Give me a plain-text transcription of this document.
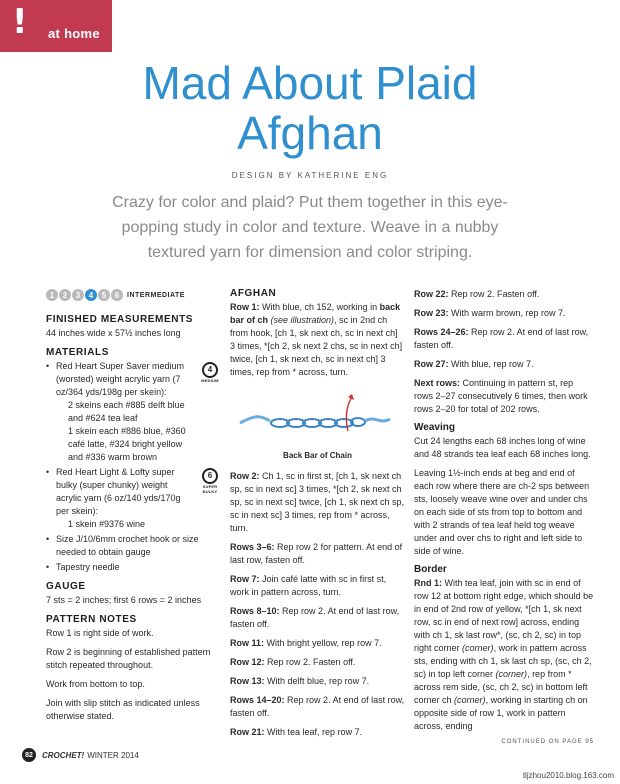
! at home
Mad About Plaid
Afghan
DESIGN BY KATHERINE ENG
Crazy for color and plaid? Put them together in this eye-popping study in color and texture. Weave in a nubby textured yarn for dimension and color striping.
1	2	3	4	5	6	INTERMEDIATE
FINISHED MEASUREMENTS

44 inches wide x 57½ inches long

MATERIALS
• Red Heart Super Saver medium (worsted) weight acrylic yarn (7 oz/364 yds/198g per skein):
4
MEDIUM
2 skeins each #885 delft blue and #624 tea leaf
1 skein each #886 blue, #360 café latte, #324 bright yellow and #336 warm brown
• Red Heart Light & Lofty super bulky (super chunky) weight acrylic yarn (6 oz/140 yds/170g per skein):
6
SUPER BULKY
1 skein #9376 wine
• Size J/10/6mm crochet hook or size needed to obtain gauge
• Tapestry needle
GAUGE

7 sts = 2 inches; first 6 rows = 2 inches

PATTERN NOTES

Row 1 is right side of work.

Row 2 is beginning of established pattern stitch repeated throughout.

Work from bottom to top.

Join with slip stitch as indicated unless otherwise stated.

AFGHAN

Row 1: With blue, ch 152, working in back bar of ch (see illustration), sc in 2nd ch from hook, [ch 1, sk next ch, sc in next ch] 3 times, *[ch 2, sk next 2 chs, sc in next ch] twice, [ch 1, sk next ch, sc in next ch] 3 times, rep from * across, turn.

Back Bar of Chain

Row 2: Ch 1, sc in first st, [ch 1, sk next ch sp, sc in next sc] 3 times, *[ch 2, sk next ch sp, sc in next sc] twice, [ch 1, sk next ch sp, sc in next sc] 3 times, rep from * across, turn.

Rows 3–6: Rep row 2 for pattern. At end of last row, fasten off.

Row 7: Join café latte with sc in first st, work in pattern across, turn.

Rows 8–10: Rep row 2. At end of last row, fasten off.

Row 11: With bright yellow, rep row 7.

Row 12: Rep row 2. Fasten off.

Row 13: With delft blue, rep row 7.

Rows 14–20: Rep row 2. At end of last row, fasten off.

Row 21: With tea leaf, rep row 7.

Row 22: Rep row 2. Fasten off.

Row 23: With warm brown, rep row 7.

Rows 24–26: Rep row 2. At end of last row, fasten off.

Row 27: With blue, rep row 7.

Next rows: Continuing in pattern st, rep rows 2–27 consecutively 6 times, then work rows 2–20 for total of 202 rows.

Weaving

Cut 24 lengths each 68 inches long of wine and 48 strands tea leaf each 68 inches long.

Leaving 1½-inch ends at beg and end of each row where there are ch-2 sps between sts, loosely weave wine over and under chs on each side of sts from top to bottom and with 2 strands of tea leaf held tog weave under and over chs to right and left side to side of wine.

Border

Rnd 1: With tea leaf, join with sc in end of row 12 at bottom right edge, which should be in end of 2nd row of yellow, *[ch 1, sk next row, sc in end of next row] across, ending with ch 1, sk last row*, (sc, ch 2, sc) in top right corner (corner), work in pattern across sts, ending with ch 1, sk last ch sp, (sc, ch 2, sc) in top left corner (corner), rep from * across rem side, (sc, ch 2, sc) in bottom left corner ch (corner), working in starting ch on opposite side of row 1, work in pattern across, ending

CONTINUED ON PAGE 95
82	CROCHET! WINTER 2014
tljzhou2010.blog.163.com
